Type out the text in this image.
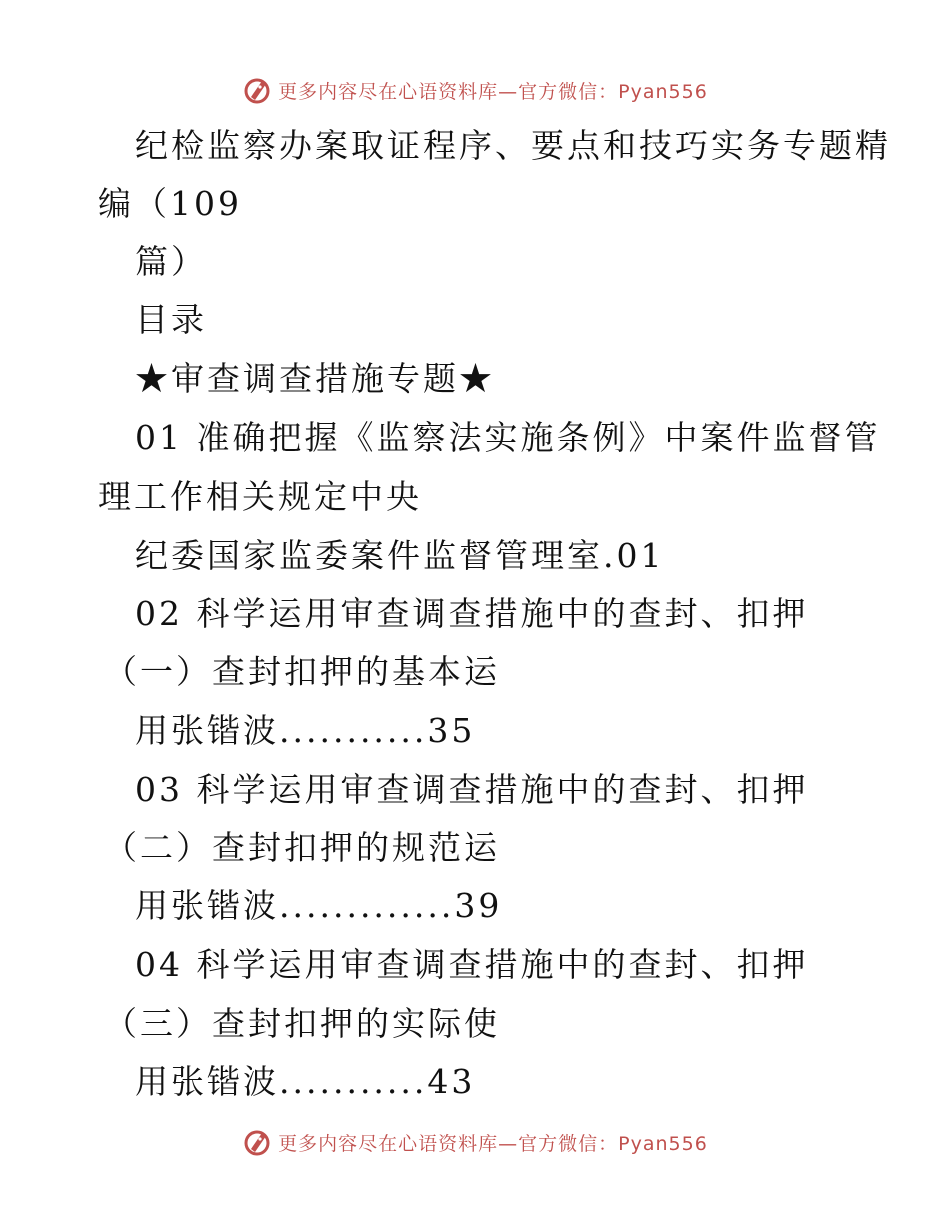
更多内容尽在心语资料库—官方微信：Pyan556
纪检监察办案取证程序、要点和技巧实务专题精
编（109
篇）
目录
★审查调查措施专题★
01 准确把握《监察法实施条例》中案件监督管
理工作相关规定中央
纪委国家监委案件监督管理室.01
02 科学运用审查调查措施中的查封、扣押
（一）查封扣押的基本运
用张锴波...........35
03 科学运用审查调查措施中的查封、扣押
（二）查封扣押的规范运
用张锴波.............39
04 科学运用审查调查措施中的查封、扣押
（三）查封扣押的实际使
用张锴波...........43
更多内容尽在心语资料库—官方微信：Pyan556
